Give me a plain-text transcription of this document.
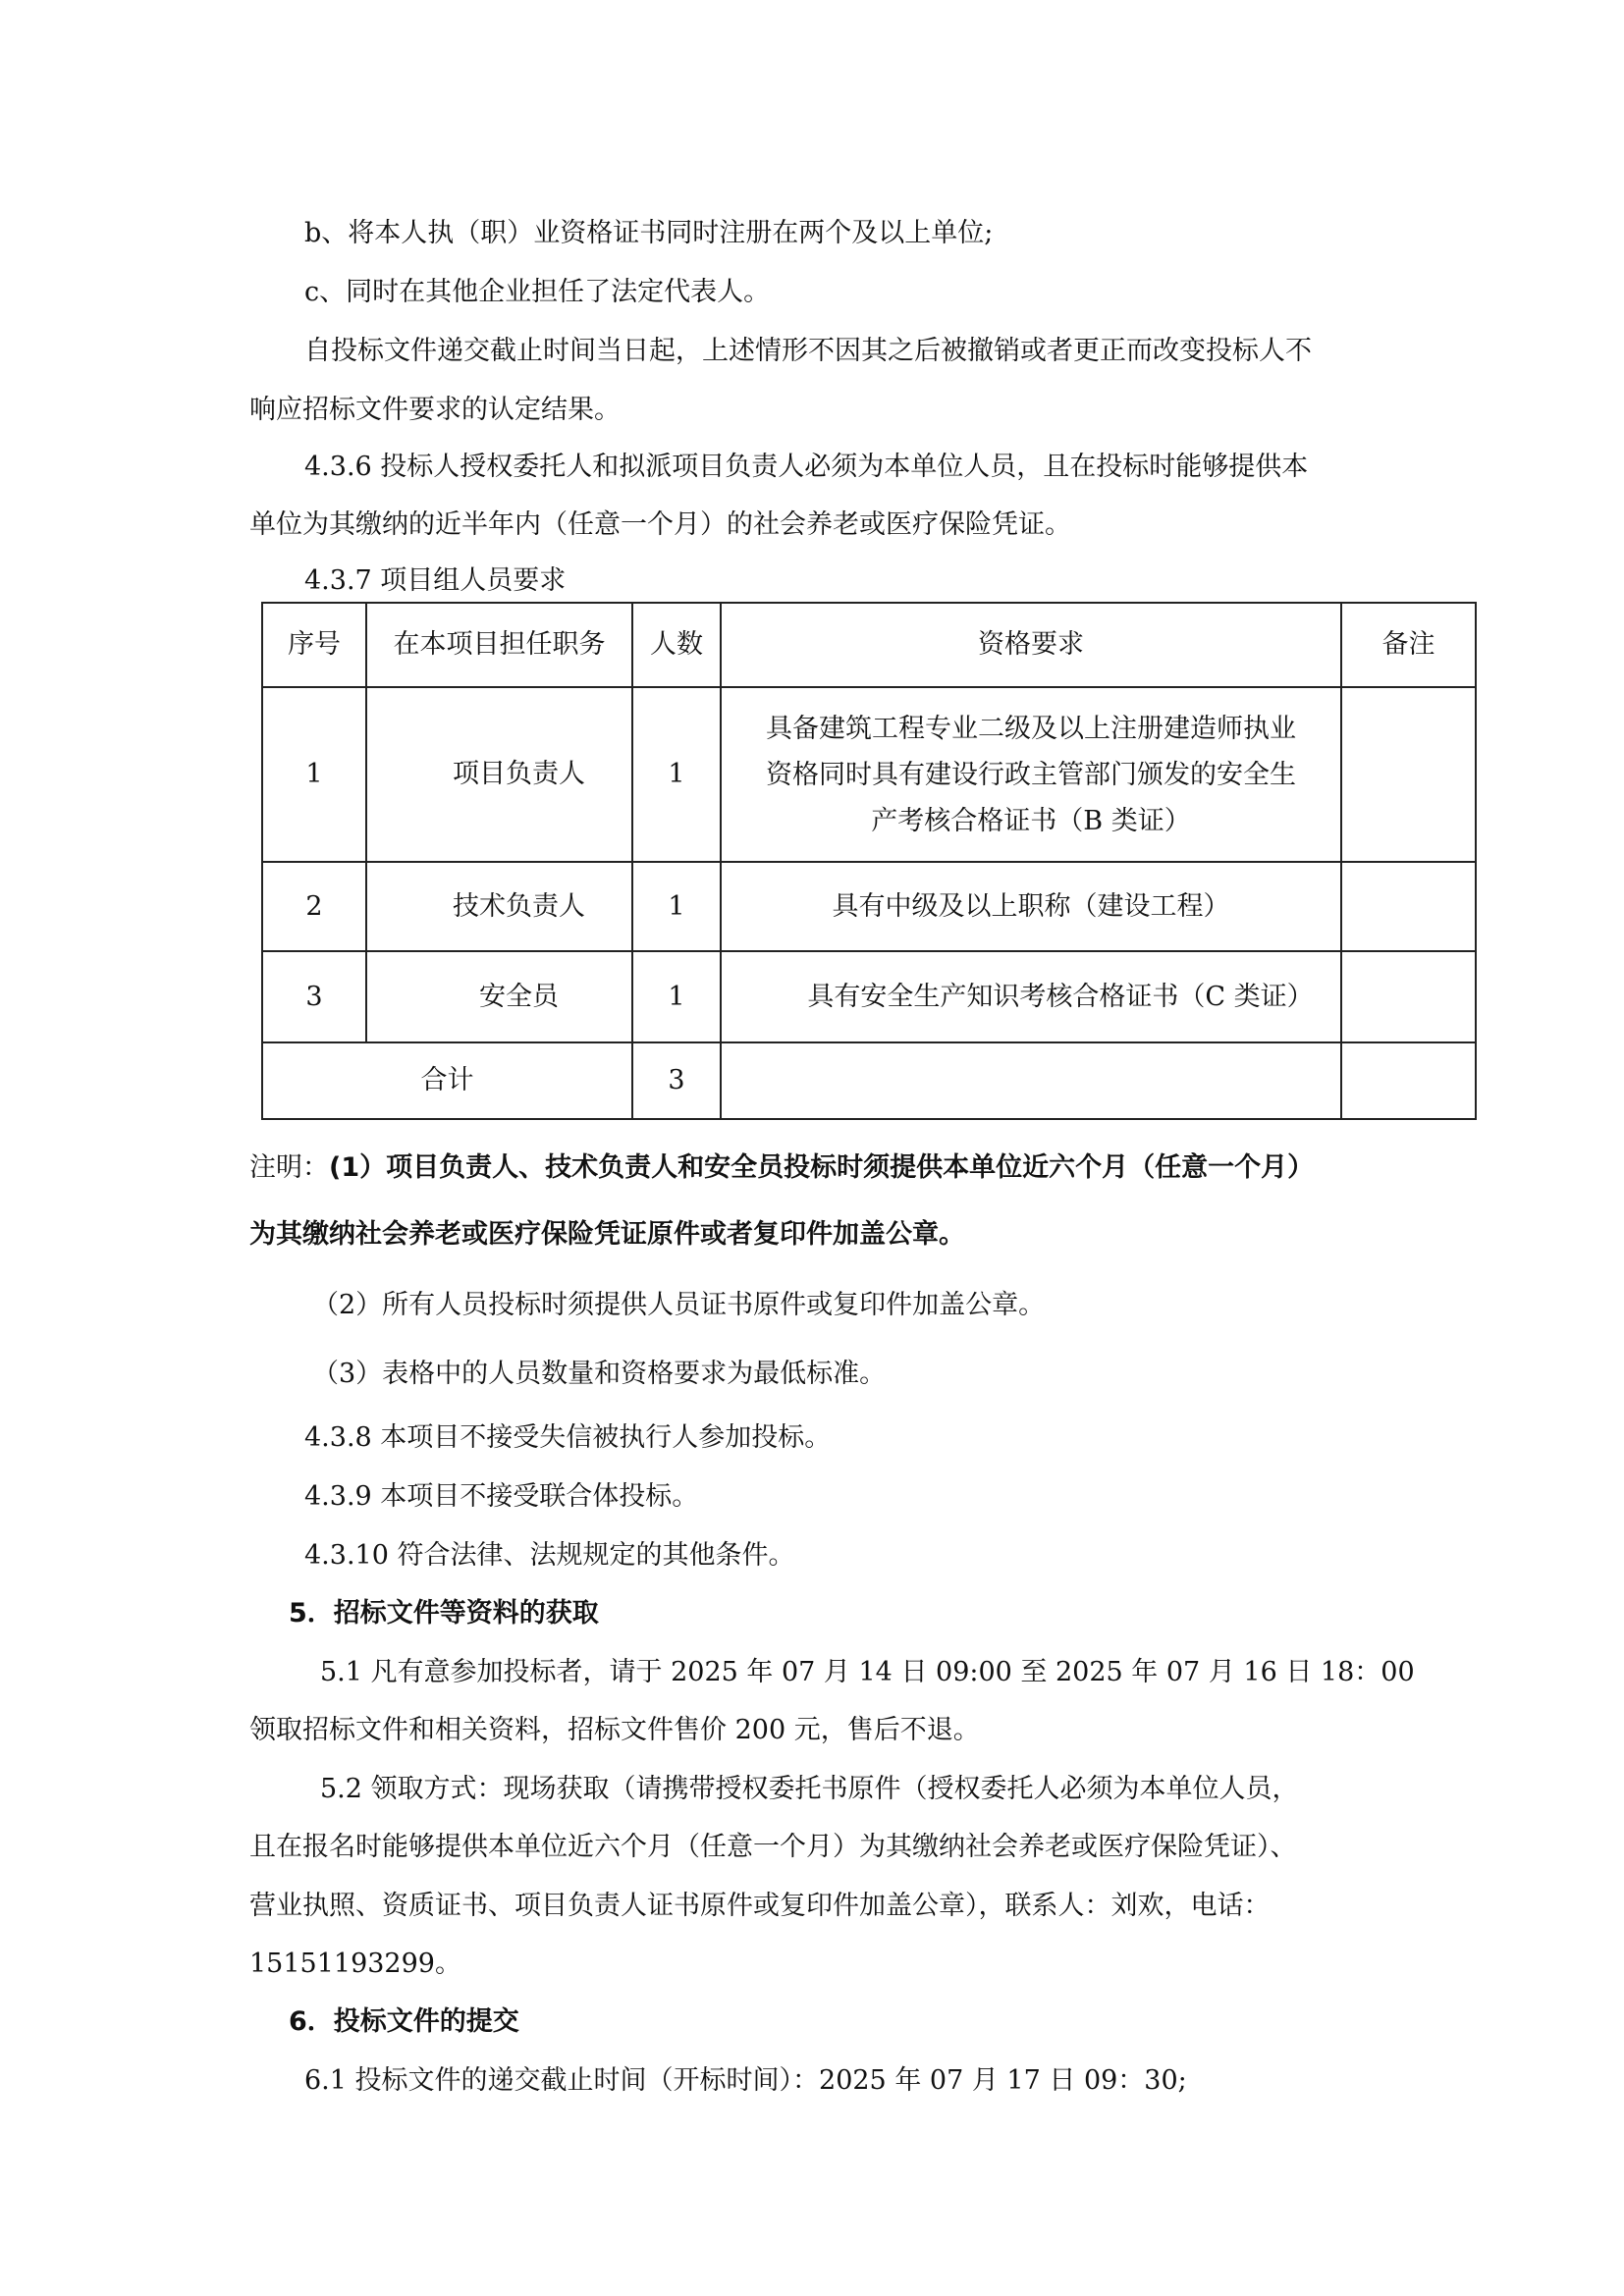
b、将本人执（职）业资格证书同时注册在两个及以上单位;
c、同时在其他企业担任了法定代表人。
自投标文件递交截止时间当日起，上述情形不因其之后被撤销或者更正而改变投标人不
响应招标文件要求的认定结果。
4.3.6 投标人授权委托人和拟派项目负责人必须为本单位人员，且在投标时能够提供本
单位为其缴纳的近半年内（任意一个月）的社会养老或医疗保险凭证。
4.3.7 项目组人员要求
序号	在本项目担任职务	人数	资格要求	备注
1	项目负责人	1	具备建筑工程专业二级及以上注册建造师执业
资格同时具有建设行政主管部门颁发的安全生
产考核合格证书（B 类证）	

2	技术负责人	1	具有中级及以上职称（建设工程）	
3	安全员	1	具有安全生产知识考核合格证书（C 类证）	
合计		3		
注明：(1）项目负责人、技术负责人和安全员投标时须提供本单位近六个月（任意一个月）
为其缴纳社会养老或医疗保险凭证原件或者复印件加盖公章。
（2）所有人员投标时须提供人员证书原件或复印件加盖公章。
（3）表格中的人员数量和资格要求为最低标准。
4.3.8 本项目不接受失信被执行人参加投标。
4.3.9 本项目不接受联合体投标。
4.3.10 符合法律、法规规定的其他条件。
5．招标文件等资料的获取
5.1 凡有意参加投标者，请于 2025 年 07 月 14 日 09:00 至 2025 年 07 月 16 日 18：00
领取招标文件和相关资料，招标文件售价 200 元，售后不退。
5.2 领取方式：现场获取（请携带授权委托书原件（授权委托人必须为本单位人员，
且在报名时能够提供本单位近六个月（任意一个月）为其缴纳社会养老或医疗保险凭证）、
营业执照、资质证书、项目负责人证书原件或复印件加盖公章），联系人：刘欢，电话：
15151193299。
6．投标文件的提交
6.1 投标文件的递交截止时间（开标时间）：2025 年 07 月 17 日 09：30;
